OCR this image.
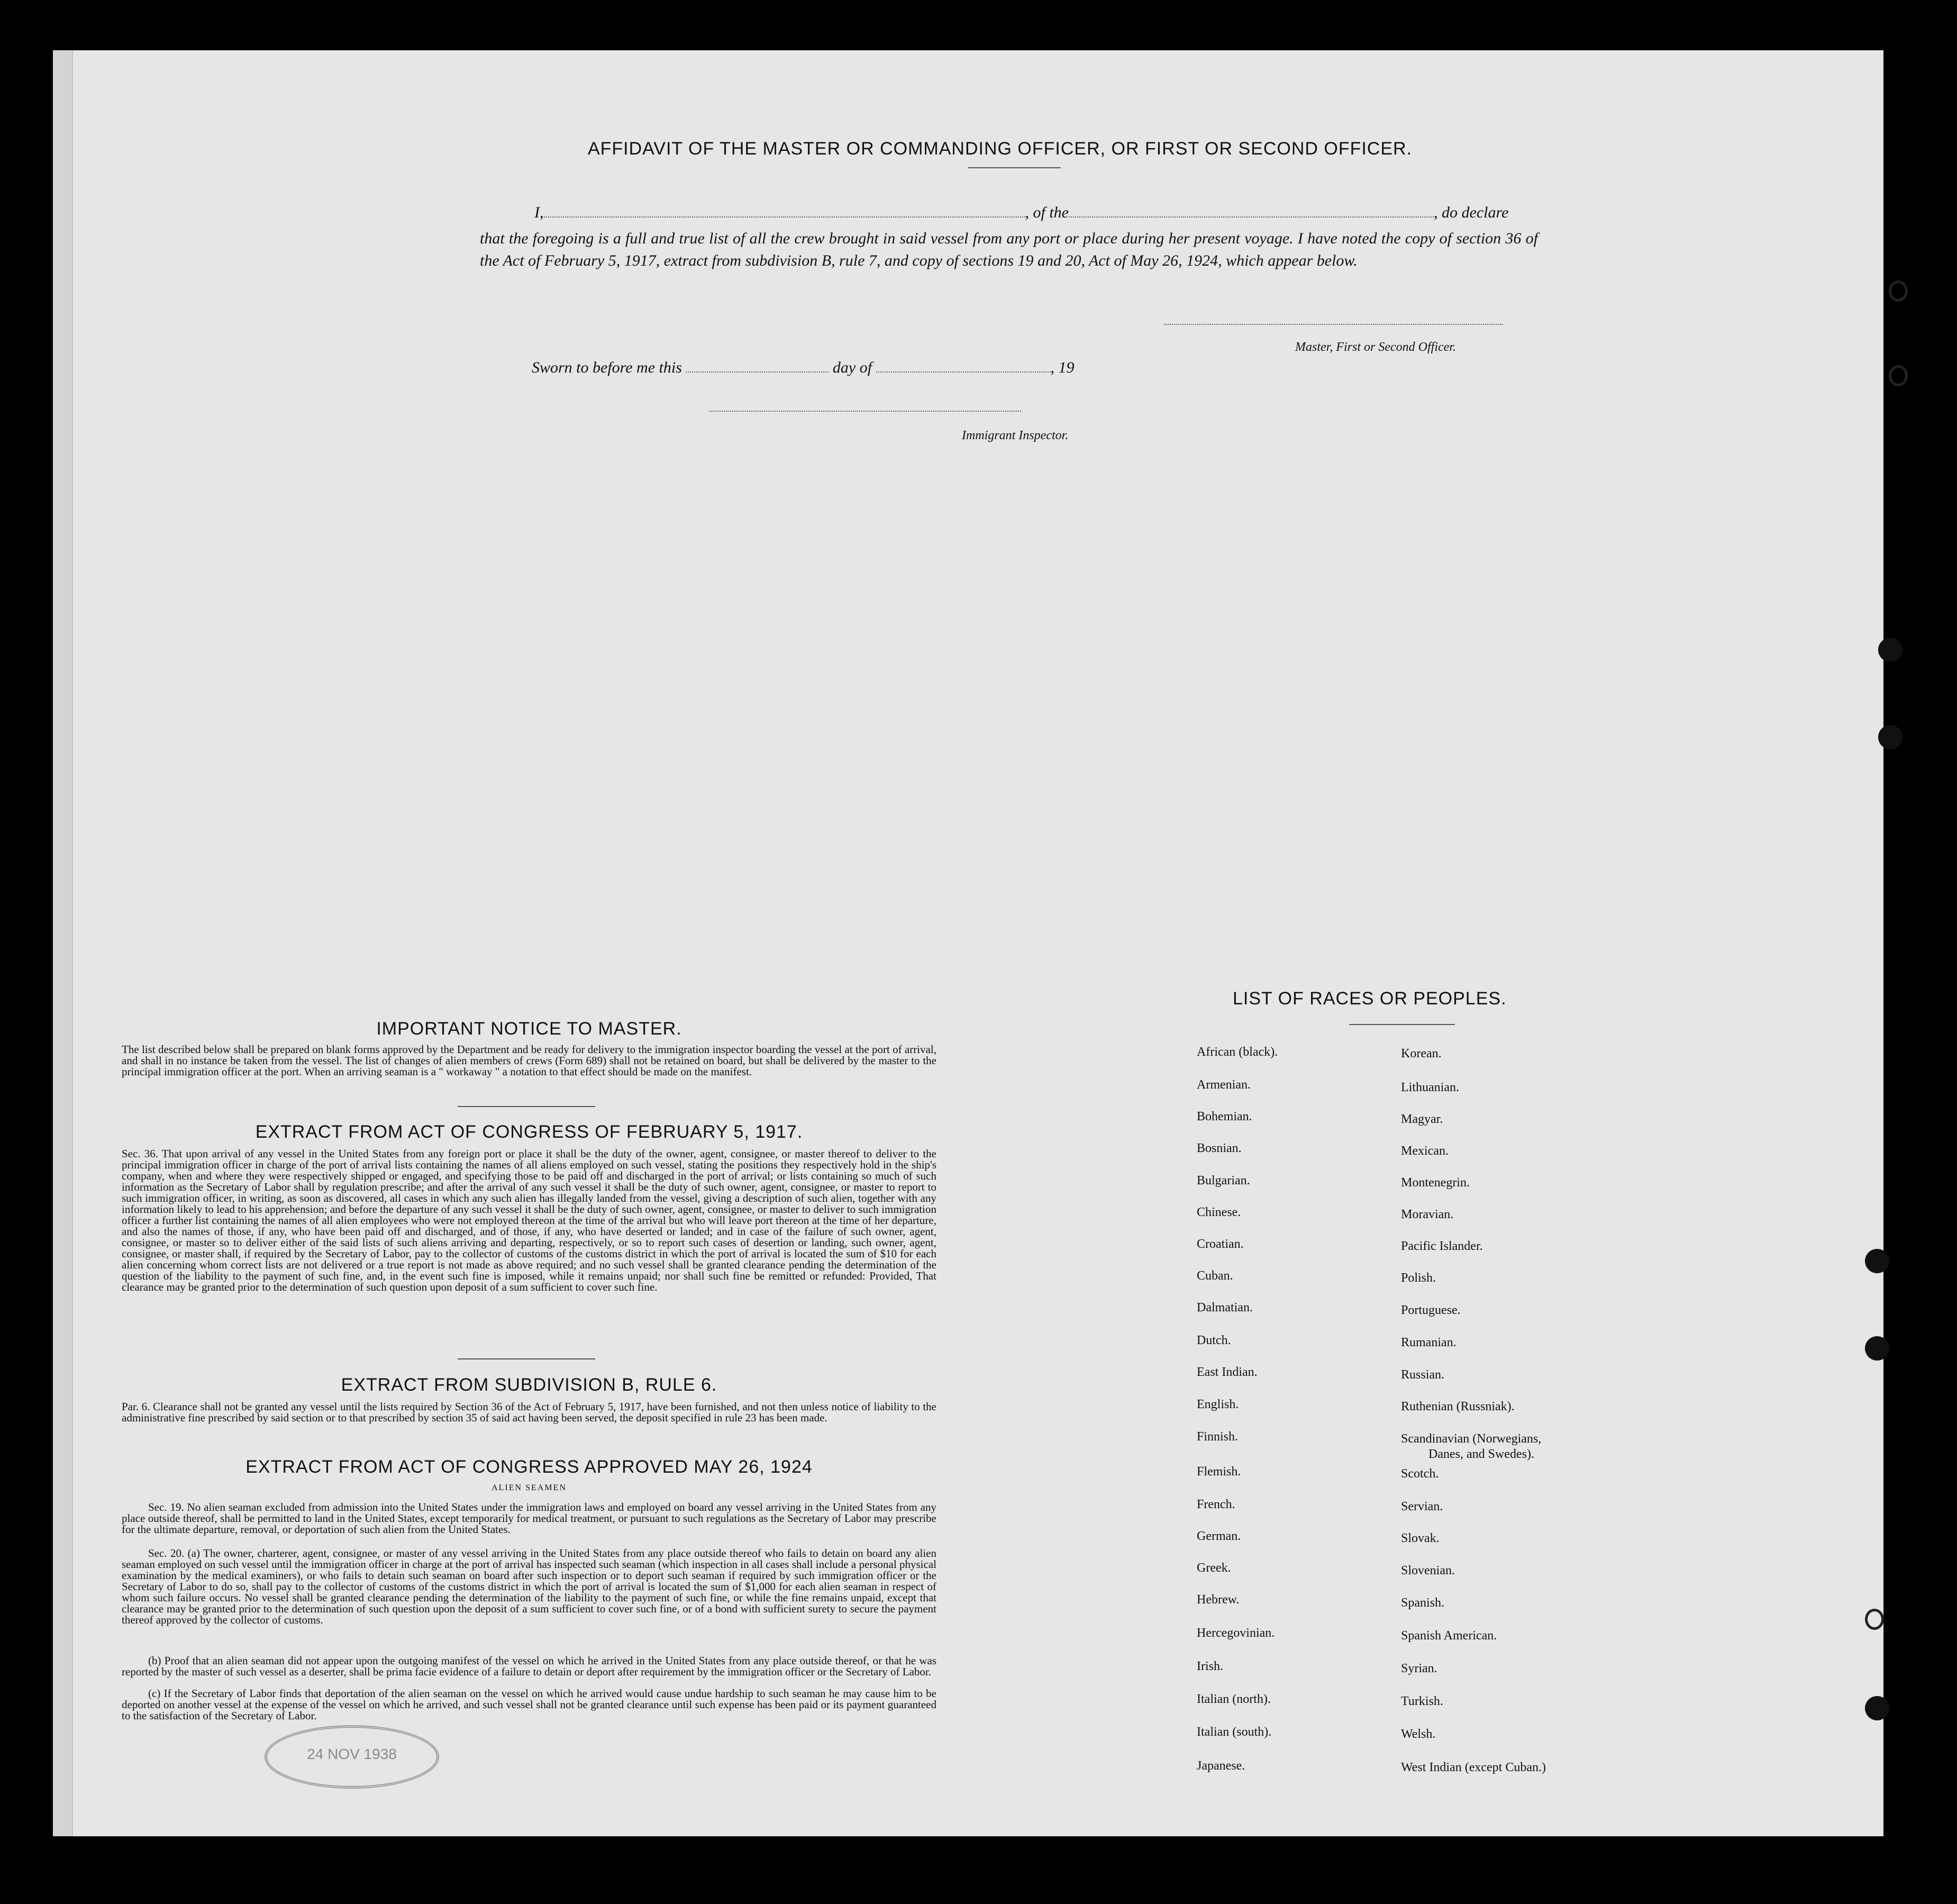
AFFIDAVIT OF THE MASTER OR COMMANDING OFFICER, OR FIRST OR SECOND OFFICER.
I,	, of the	, do declare
that the foregoing is a full and true list of all the crew brought in said vessel from any port or place during her present voyage. I have noted the copy of section 36 of the Act of February 5, 1917, extract from subdivision B, rule 7, and copy of sections 19 and 20, Act of May 26, 1924, which appear below.
Master, First or Second Officer.
Sworn to before me this	day of	, 19
Immigrant Inspector.
IMPORTANT NOTICE TO MASTER.
The list described below shall be prepared on blank forms approved by the Department and be ready for delivery to the immigration inspector boarding the vessel at the port of arrival, and shall in no instance be taken from the vessel. The list of changes of alien members of crews (Form 689) shall not be retained on board, but shall be delivered by the master to the principal immigration officer at the port. When an arriving seaman is a " workaway " a notation to that effect should be made on the manifest.
EXTRACT FROM ACT OF CONGRESS OF FEBRUARY 5, 1917.
Sec. 36. That upon arrival of any vessel in the United States from any foreign port or place it shall be the duty of the owner, agent, consignee, or master thereof to deliver to the principal immigration officer in charge of the port of arrival lists containing the names of all aliens employed on such vessel, stating the positions they respectively hold in the ship's company, when and where they were respectively shipped or engaged, and specifying those to be paid off and discharged in the port of arrival; or lists containing so much of such information as the Secretary of Labor shall by regulation prescribe; and after the arrival of any such vessel it shall be the duty of such owner, agent, consignee, or master to report to such immigration officer, in writing, as soon as discovered, all cases in which any such alien has illegally landed from the vessel, giving a description of such alien, together with any information likely to lead to his apprehension; and before the departure of any such vessel it shall be the duty of such owner, agent, consignee, or master to deliver to such immigration officer a further list containing the names of all alien employees who were not employed thereon at the time of the arrival but who will leave port thereon at the time of her departure, and also the names of those, if any, who have been paid off and discharged, and of those, if any, who have deserted or landed; and in case of the failure of such owner, agent, consignee, or master so to deliver either of the said lists of such aliens arriving and departing, respectively, or so to report such cases of desertion or landing, such owner, agent, consignee, or master shall, if required by the Secretary of Labor, pay to the collector of customs of the customs district in which the port of arrival is located the sum of $10 for each alien concerning whom correct lists are not delivered or a true report is not made as above required; and no such vessel shall be granted clearance pending the determination of the question of the liability to the payment of such fine, and, in the event such fine is imposed, while it remains unpaid; nor shall such fine be remitted or refunded: Provided, That clearance may be granted prior to the determination of such question upon deposit of a sum sufficient to cover such fine.
EXTRACT FROM SUBDIVISION B, RULE 6.
Par. 6. Clearance shall not be granted any vessel until the lists required by Section 36 of the Act of February 5, 1917, have been furnished, and not then unless notice of liability to the administrative fine prescribed by said section or to that prescribed by section 35 of said act having been served, the deposit specified in rule 23 has been made.
EXTRACT FROM ACT OF CONGRESS APPROVED MAY 26, 1924
ALIEN SEAMEN
Sec. 19. No alien seaman excluded from admission into the United States under the immigration laws and employed on board any vessel arriving in the United States from any place outside thereof, shall be permitted to land in the United States, except temporarily for medical treatment, or pursuant to such regulations as the Secretary of Labor may prescribe for the ultimate departure, removal, or deportation of such alien from the United States.
Sec. 20. (a) The owner, charterer, agent, consignee, or master of any vessel arriving in the United States from any place outside thereof who fails to detain on board any alien seaman employed on such vessel until the immigration officer in charge at the port of arrival has inspected such seaman (which inspection in all cases shall include a personal physical examination by the medical examiners), or who fails to detain such seaman on board after such inspection or to deport such seaman if required by such immigration officer or the Secretary of Labor to do so, shall pay to the collector of customs of the customs district in which the port of arrival is located the sum of $1,000 for each alien seaman in respect of whom such failure occurs. No vessel shall be granted clearance pending the determination of the liability to the payment of such fine, or while the fine remains unpaid, except that clearance may be granted prior to the determination of such question upon the deposit of a sum sufficient to cover such fine, or of a bond with sufficient surety to secure the payment thereof approved by the collector of customs.
(b) Proof that an alien seaman did not appear upon the outgoing manifest of the vessel on which he arrived in the United States from any place outside thereof, or that he was reported by the master of such vessel as a deserter, shall be prima facie evidence of a failure to detain or deport after requirement by the immigration officer or the Secretary of Labor.
(c) If the Secretary of Labor finds that deportation of the alien seaman on the vessel on which he arrived would cause undue hardship to such seaman he may cause him to be deported on another vessel at the expense of the vessel on which he arrived, and such vessel shall not be granted clearance until such expense has been paid or its payment guaranteed to the satisfaction of the Secretary of Labor.
24 NOV 1938
LIST OF RACES OR PEOPLES.
African (black).
Armenian.
Bohemian.
Bosnian.
Bulgarian.
Chinese.
Croatian.
Cuban.
Dalmatian.
Dutch.
East Indian.
English.
Finnish.
Flemish.
French.
German.
Greek.
Hebrew.
Hercegovinian.
Irish.
Italian (north).
Italian (south).
Japanese.
Korean.
Lithuanian.
Magyar.
Mexican.
Montenegrin.
Moravian.
Pacific Islander.
Polish.
Portuguese.
Rumanian.
Russian.
Ruthenian (Russniak).
Scandinavian (Norwegians,
Danes, and Swedes).
Scotch.
Servian.
Slovak.
Slovenian.
Spanish.
Spanish American.
Syrian.
Turkish.
Welsh.
West Indian (except Cuban.)
